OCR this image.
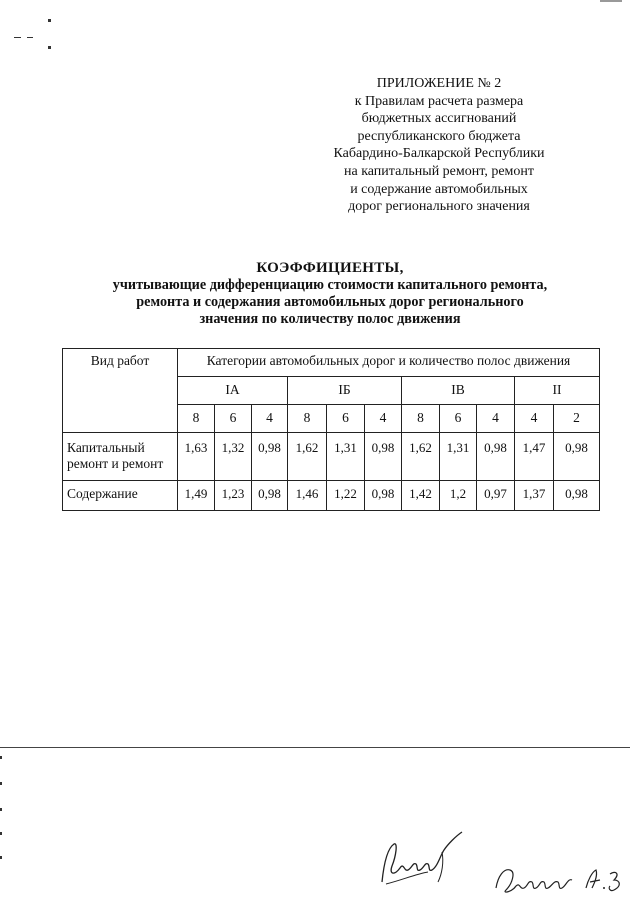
ПРИЛОЖЕНИЕ № 2
к Правилам расчета размера
бюджетных ассигнований
республиканского бюджета
Кабардино-Балкарской Республики
на капитальный ремонт, ремонт
и содержание автомобильных
дорог регионального значения
КОЭФФИЦИЕНТЫ,
учитывающие дифференциацию стоимости капитального ремонта,
ремонта и содержания автомобильных дорог регионального
значения по количеству полос движения
Вид работ	Категории автомобильных дорог и количество полос движения										
	IA			IБ			IB			II	
	8	6	4	8	6	4	8	6	4	4	2
Капитальный ремонт и ремонт	1,63	1,32	0,98	1,62	1,31	0,98	1,62	1,31	0,98	1,47	0,98
Содержание	1,49	1,23	0,98	1,46	1,22	0,98	1,42	1,2	0,97	1,37	0,98
